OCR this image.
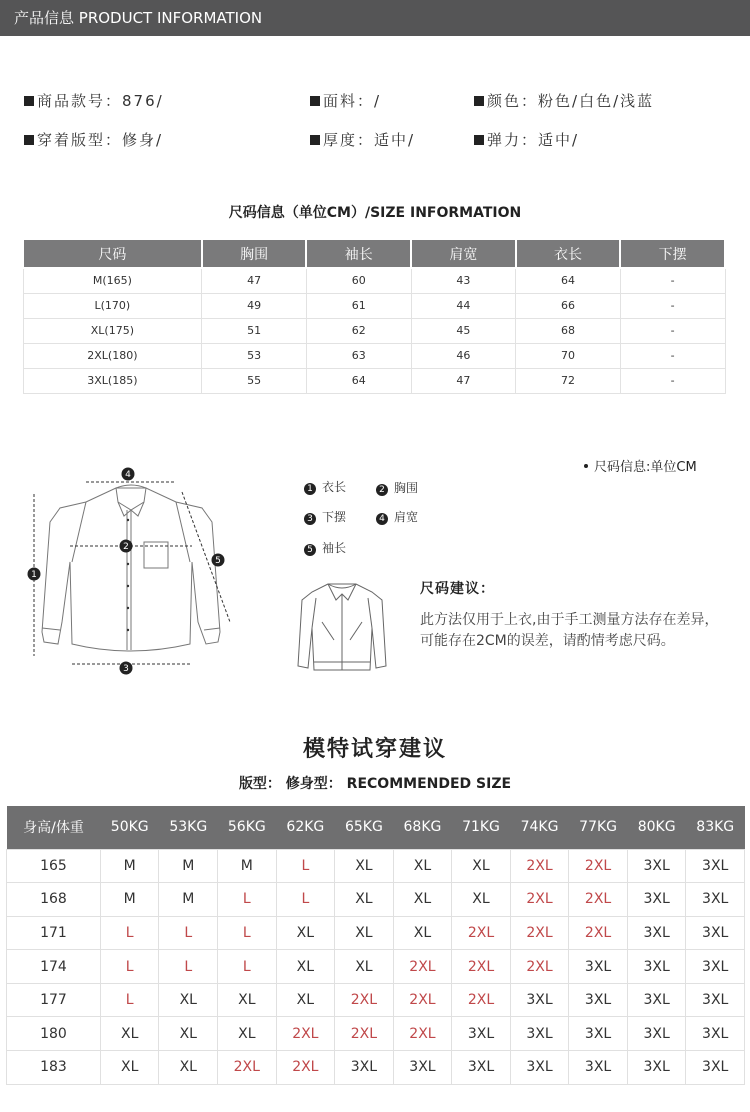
产品信息 PRODUCT INFORMATION
商品款号：876/	面料：/	颜色：粉色/白色/浅蓝
穿着版型：修身/	厚度：适中/	弹力：适中/
尺码信息（单位CM）/SIZE INFORMATION
尺码	胸围	袖长	肩宽	衣长	下摆
M(165)	47	60	43	64	-
L(170)	49	61	44	66	-
XL(175)	51	62	45	68	-
2XL(180)	53	63	46	70	-
3XL(185)	55	64	47	72	-
4
1
2
3
5
1 衣长	2 胸围
3 下摆	4 肩宽
5 袖长
尺码信息:单位CM
尺码建议：
此方法仅用于上衣,由于手工测量方法存在差异，可能存在2CM的误差，请酌情考虑尺码。
模特试穿建议
版型： 修身型： RECOMMENDED SIZE
身高/体重	50KG	53KG	56KG	62KG	65KG	68KG	71KG	74KG	77KG	80KG	83KG
165	M	M	M	L	XL	XL	XL	2XL	2XL	3XL	3XL
168	M	M	L	L	XL	XL	XL	2XL	2XL	3XL	3XL
171	L	L	L	XL	XL	XL	2XL	2XL	2XL	3XL	3XL
174	L	L	L	XL	XL	2XL	2XL	2XL	3XL	3XL	3XL
177	L	XL	XL	XL	2XL	2XL	2XL	3XL	3XL	3XL	3XL
180	XL	XL	XL	2XL	2XL	2XL	3XL	3XL	3XL	3XL	3XL
183	XL	XL	2XL	2XL	3XL	3XL	3XL	3XL	3XL	3XL	3XL
